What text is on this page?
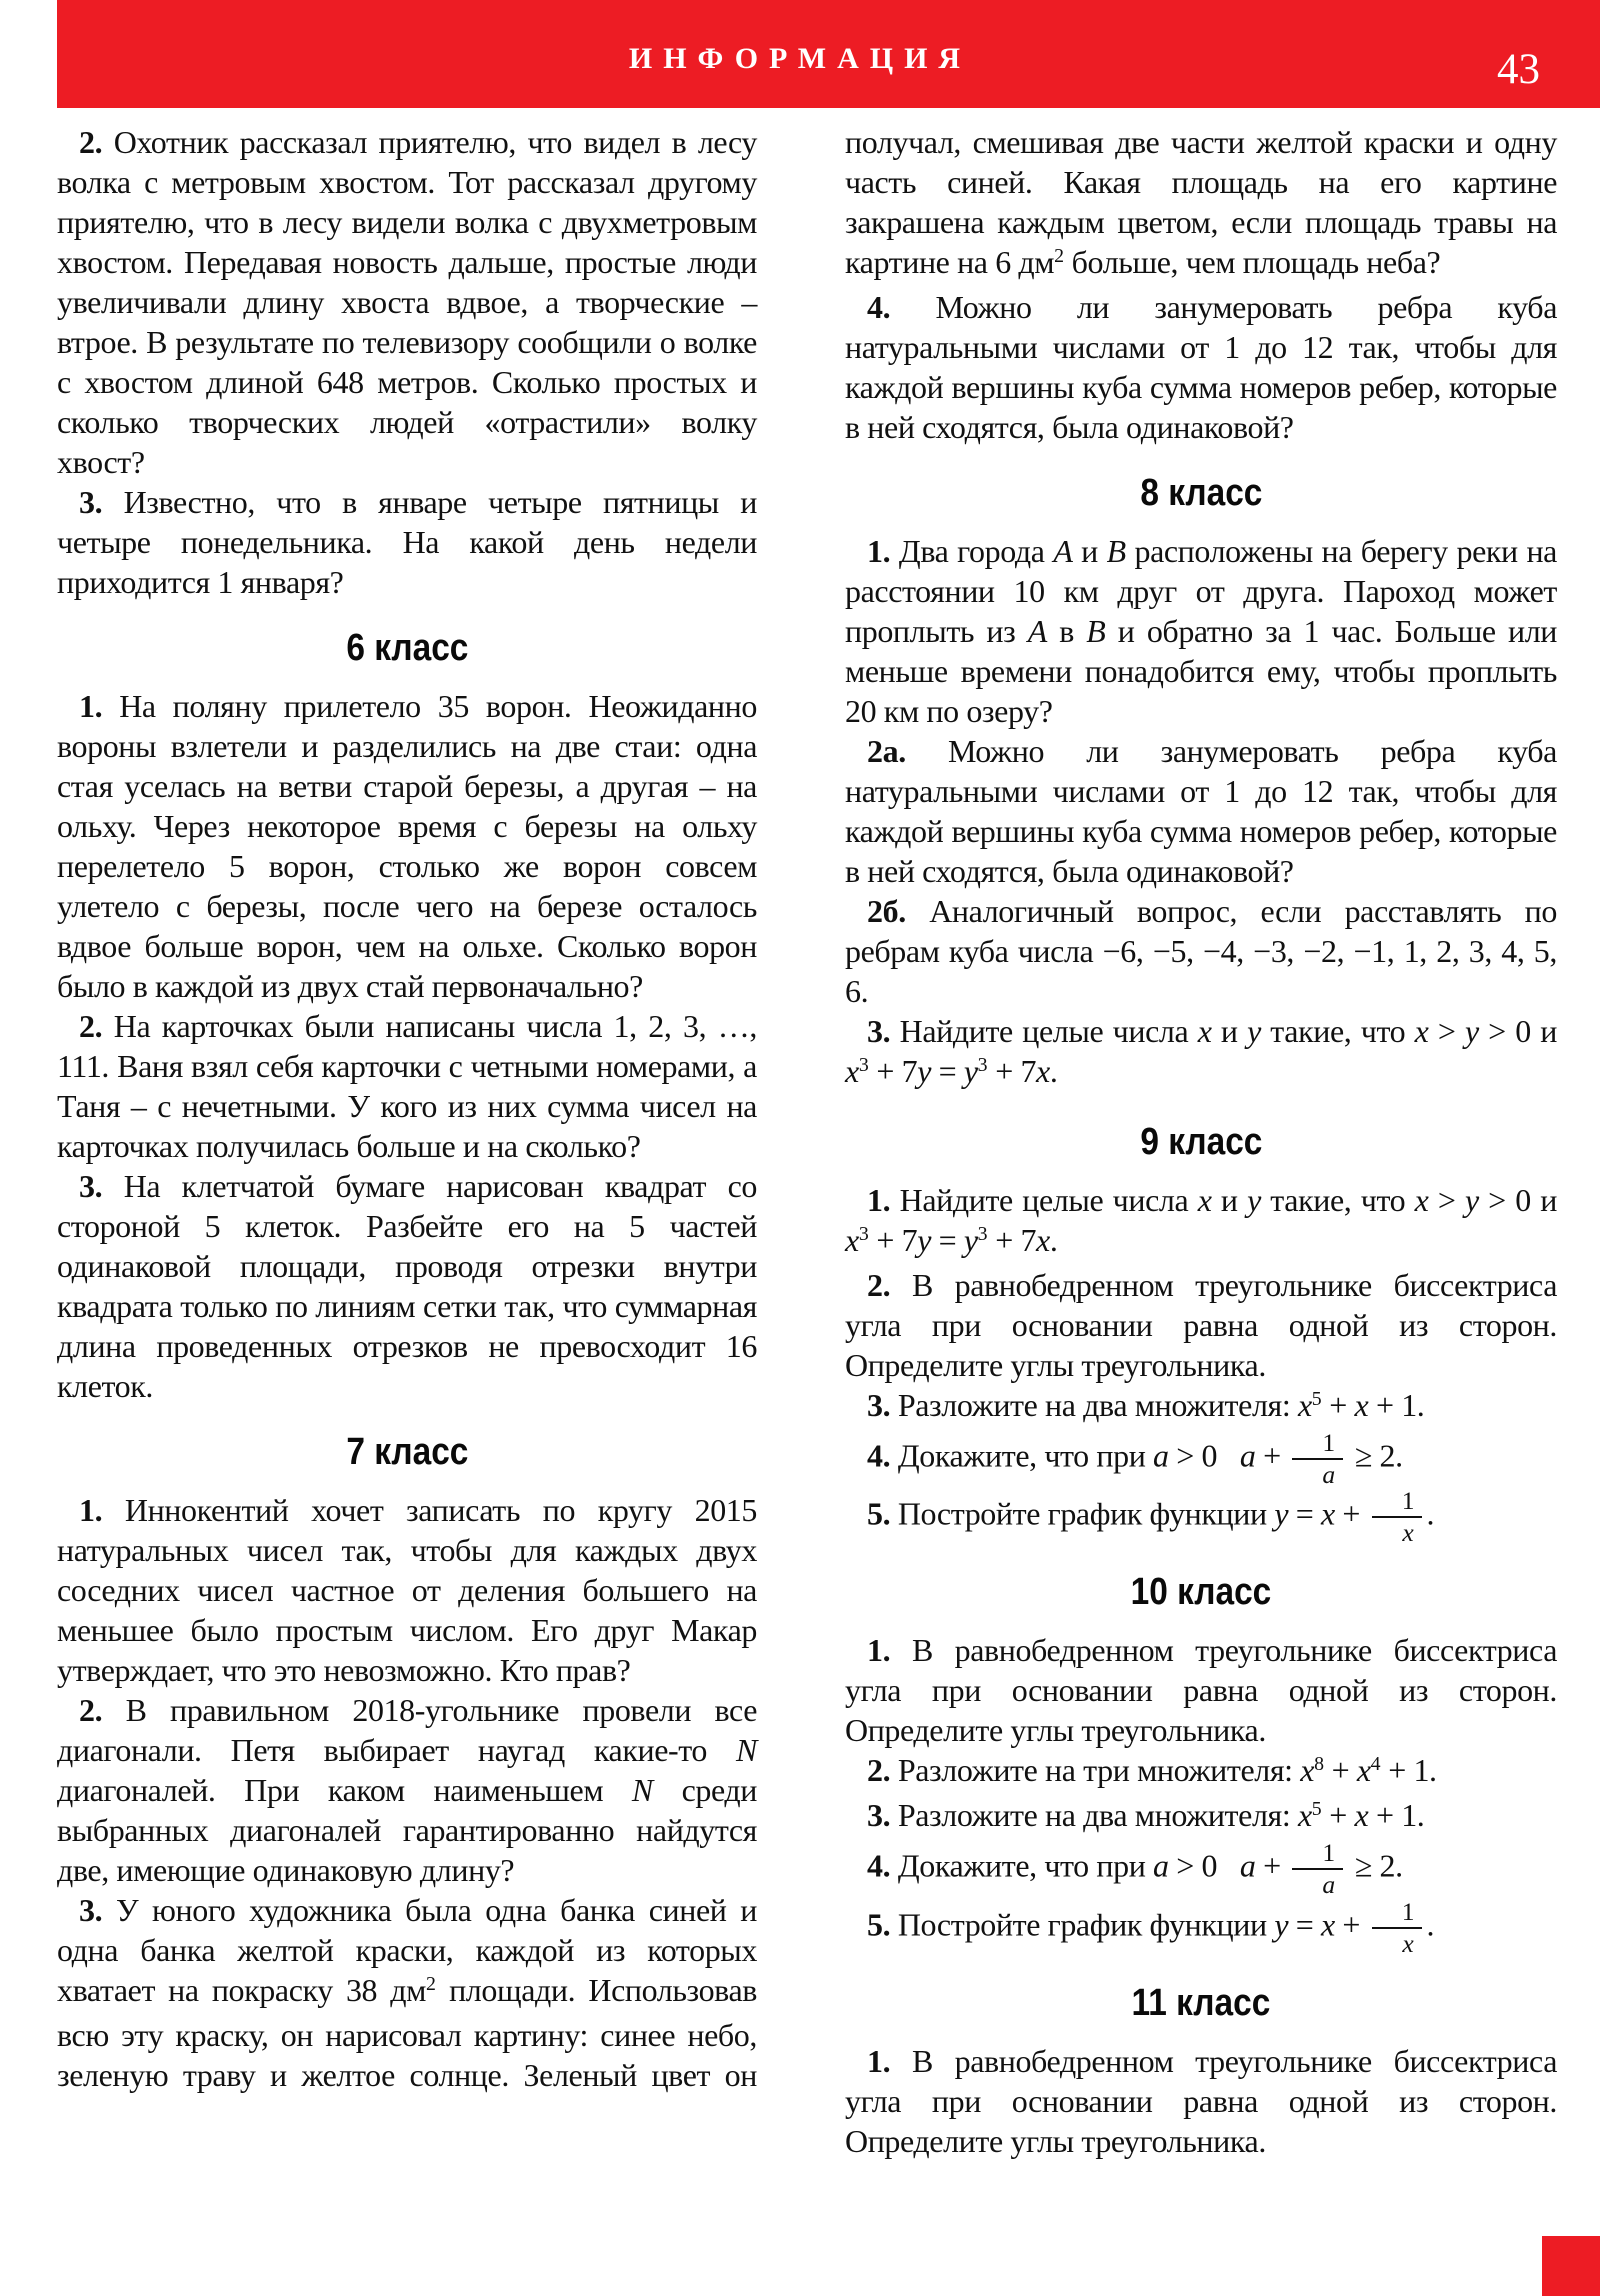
ИНФОРМАЦИЯ	43

2. Охотник рассказал приятелю, что видел в лесу волка с метровым хвостом. Тот рассказал другому приятелю, что в лесу видели волка с двухметровым хвостом. Передавая новость дальше, простые люди увеличивали длину хвоста вдвое, а творческие – втрое. В результате по телевизору сообщили о волке с хвостом длиной 648 метров. Сколько простых и сколько творческих людей «отрастили» волку хвост?

3. Известно, что в январе четыре пятницы и четыре понедельника. На какой день недели приходится 1 января?

6 класс

1. На поляну прилетело 35 ворон. Неожиданно вороны взлетели и разделились на две стаи: одна стая уселась на ветви старой березы, а другая – на ольху. Через некоторое время с березы на ольху перелетело 5 ворон, столько же ворон совсем улетело с березы, после чего на березе осталось вдвое больше ворон, чем на ольхе. Сколько ворон было в каждой из двух стай первоначально?

2. На карточках были написаны числа 1, 2, 3, …, 111. Ваня взял себя карточки с четными номерами, а Таня – с нечетными. У кого из них сумма чисел на карточках получилась больше и на сколько?

3. На клетчатой бумаге нарисован квадрат со стороной 5 клеток. Разбейте его на 5 частей одинаковой площади, проводя отрезки внутри квадрата только по линиям сетки так, что суммарная длина проведенных отрезков не превосходит 16 клеток.

7 класс

1. Иннокентий хочет записать по кругу 2015 натуральных чисел так, чтобы для каждых двух соседних чисел частное от деления большего на меньшее было простым числом. Его друг Макар утверждает, что это невозможно. Кто прав?

2. В правильном 2018-угольнике провели все диагонали. Петя выбирает наугад какие-то N диагоналей. При каком наименьшем N среди выбранных диагоналей гарантированно найдутся две, имеющие одинаковую длину?

3. У юного художника была одна банка синей и одна банка желтой краски, каждой из которых хватает на покраску 38 $дм^2$ площади. Использовав всю эту краску, он нарисовал картину: синее небо, зеленую траву и желтое солнце. Зеленый цвет он

получал, смешивая две части желтой краски и одну часть синей. Какая площадь на его картине закрашена каждым цветом, если площадь травы на картине на 6 $дм^2$ больше, чем площадь неба?

4. Можно ли занумеровать ребра куба натуральными числами от 1 до 12 так, чтобы для каждой вершины куба сумма номеров ребер, которые в ней сходятся, была одинаковой?

8 класс

1. Два города A и B расположены на берегу реки на расстоянии 10 км друг от друга. Пароход может проплыть из A в B и обратно за 1 час. Больше или меньше времени понадобится ему, чтобы проплыть 20 км по озеру?

2а. Можно ли занумеровать ребра куба натуральными числами от 1 до 12 так, чтобы для каждой вершины куба сумма номеров ребер, которые в ней сходятся, была одинаковой?

2б. Аналогичный вопрос, если расставлять по ребрам куба числа −6, −5, −4, −3, −2, −1, 1, 2, 3, 4, 5, 6.

3. Найдите целые числа x и y такие, что x > y > 0 и $x^3 + 7y = y^3 + 7x$.

9 класс

1. Найдите целые числа x и y такие, что x > y > 0 и $x^3 + 7y = y^3 + 7x$.

2. В равнобедренном треугольнике биссектриса угла при основании равна одной из сторон. Определите углы треугольника.

3. Разложите на два множителя: $x^5 + x + 1$.

4. Докажите, что при a > 0   $a + \frac{1}{a} \ge 2$.

5. Постройте график функции $y = x + \frac{1}{x}$ .

10 класс

1. В равнобедренном треугольнике биссектриса угла при основании равна одной из сторон. Определите углы треугольника.

2. Разложите на три множителя: $x^8 + x^4 + 1$.

3. Разложите на два множителя: $x^5 + x + 1$.

4. Докажите, что при a > 0   $a + \frac{1}{a} \ge 2$.

5. Постройте график функции $y = x + \frac{1}{x}$ .

11 класс

1. В равнобедренном треугольнике биссектриса угла при основании равна одной из сторон. Определите углы треугольника.
